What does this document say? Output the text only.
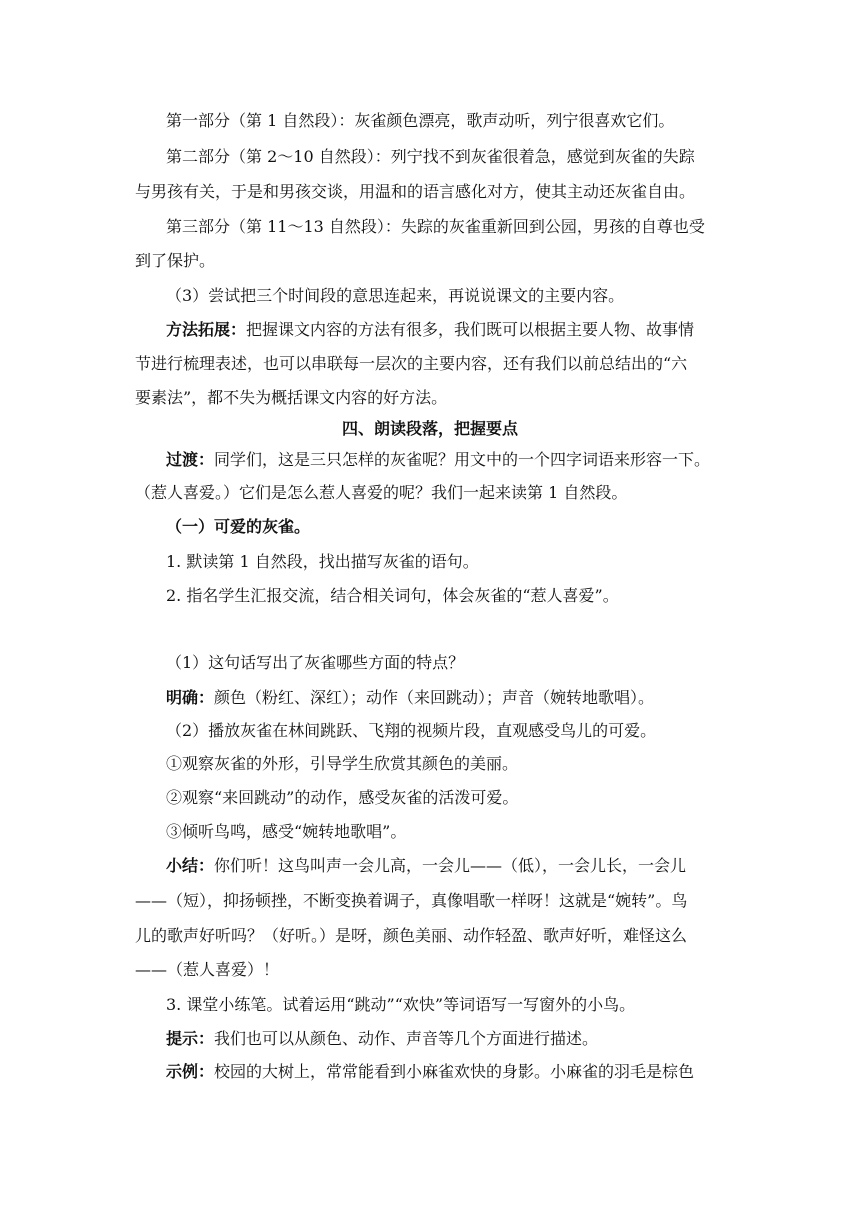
第一部分（第 1 自然段）：灰雀颜色漂亮，歌声动听，列宁很喜欢它们。
第二部分（第 2～10 自然段）：列宁找不到灰雀很着急，感觉到灰雀的失踪
与男孩有关，于是和男孩交谈，用温和的语言感化对方，使其主动还灰雀自由。
第三部分（第 11～13 自然段）：失踪的灰雀重新回到公园，男孩的自尊也受
到了保护。
（3）尝试把三个时间段的意思连起来，再说说课文的主要内容。
方法拓展：把握课文内容的方法有很多，我们既可以根据主要人物、故事情
节进行梳理表述，也可以串联每一层次的主要内容，还有我们以前总结出的“六
要素法”，都不失为概括课文内容的好方法。
四、朗读段落，把握要点
过渡：同学们，这是三只怎样的灰雀呢？用文中的一个四字词语来形容一下。
（惹人喜爱。）它们是怎么惹人喜爱的呢？我们一起来读第 1 自然段。
（一）可爱的灰雀。
1. 默读第 1 自然段，找出描写灰雀的语句。
2. 指名学生汇报交流，结合相关词句，体会灰雀的“惹人喜爱”。
（1）这句话写出了灰雀哪些方面的特点？
明确：颜色（粉红、深红）；动作（来回跳动）；声音（婉转地歌唱）。
（2）播放灰雀在林间跳跃、飞翔的视频片段，直观感受鸟儿的可爱。
①观察灰雀的外形，引导学生欣赏其颜色的美丽。
②观察“来回跳动”的动作，感受灰雀的活泼可爱。
③倾听鸟鸣，感受“婉转地歌唱”。
小结：你们听！这鸟叫声一会儿高，一会儿——（低），一会儿长，一会儿
——（短），抑扬顿挫，不断变换着调子，真像唱歌一样呀！这就是“婉转”。鸟
儿的歌声好听吗？（好听。）是呀，颜色美丽、动作轻盈、歌声好听，难怪这么
——（惹人喜爱）！
3. 课堂小练笔。试着运用“跳动”“欢快”等词语写一写窗外的小鸟。
提示：我们也可以从颜色、动作、声音等几个方面进行描述。
示例：校园的大树上，常常能看到小麻雀欢快的身影。小麻雀的羽毛是棕色
